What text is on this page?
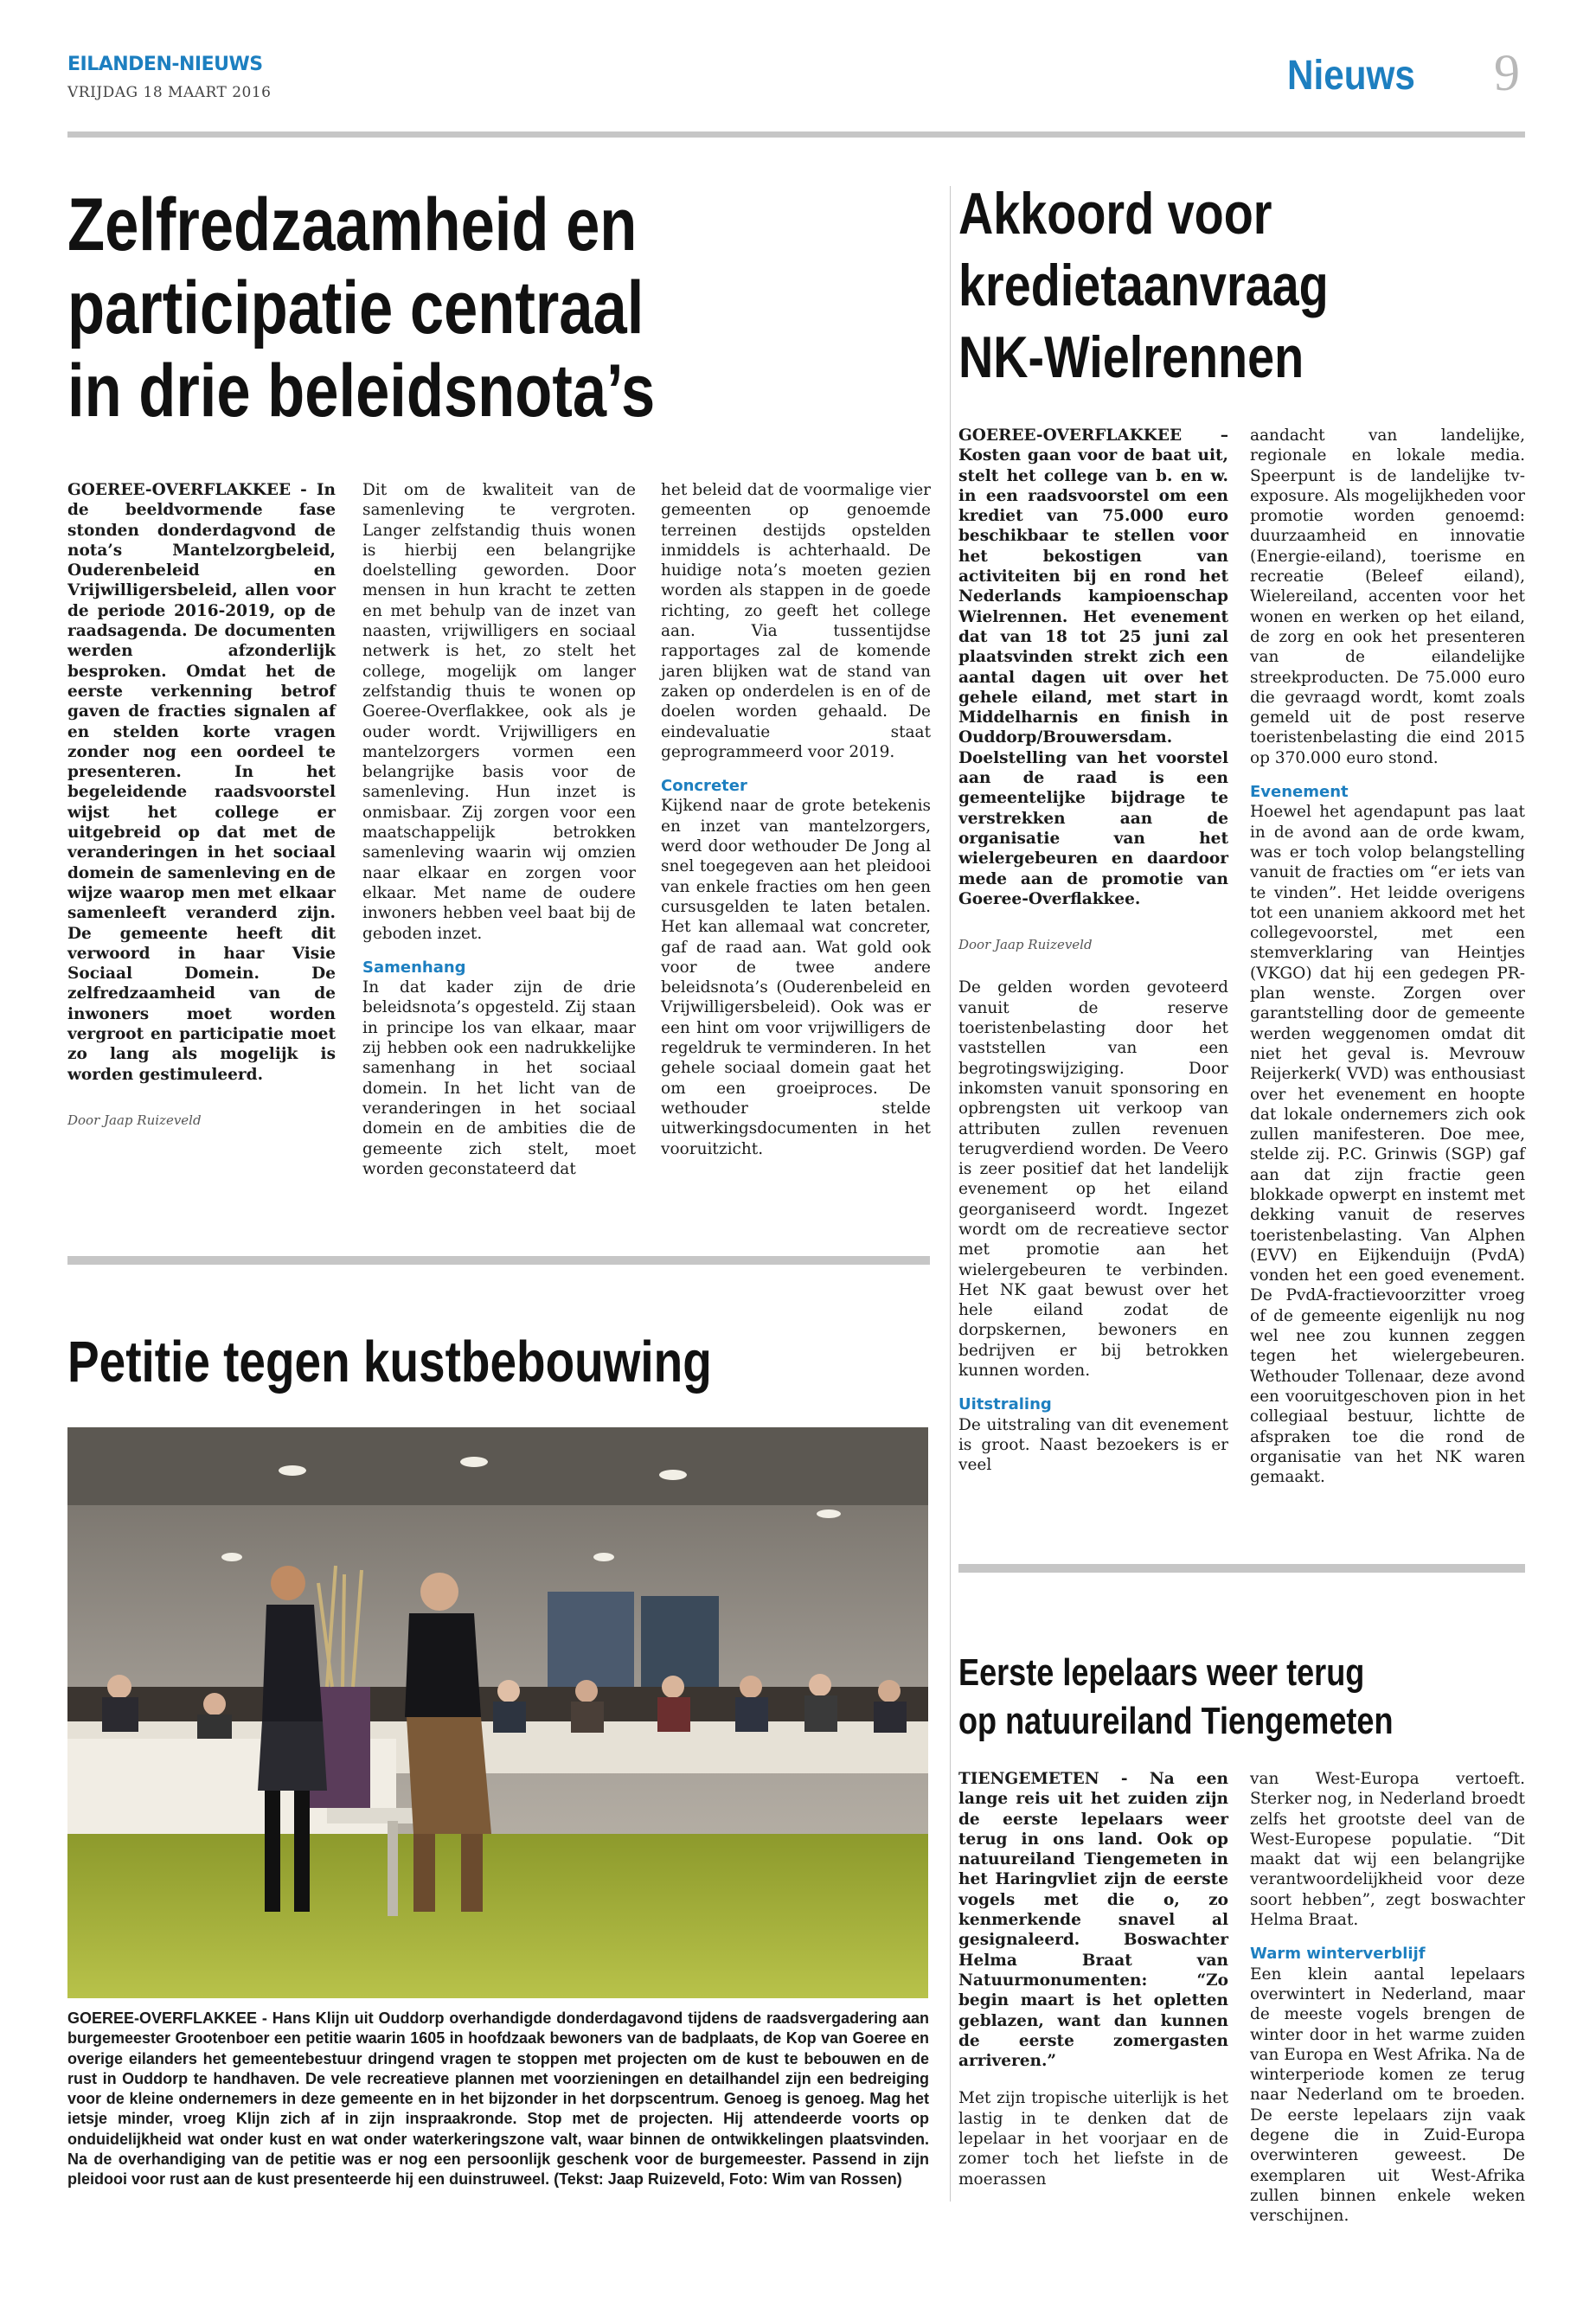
EILANDEN-NIEUWS
VRIJDAG 18 MAART 2016	Nieuws 9
Zelfredzaamheid en
participatie centraal
in drie beleidsnota’s

GOEREE-OVERFLAKKEE - In de beeldvormende fase stonden donderdagvond de nota’s Mantelzorgbeleid, Ouderenbeleid en Vrijwilligersbeleid, allen voor de periode 2016-2019, op de raadsagenda. De documenten werden afzonderlijk besproken. Omdat het de eerste verkenning betrof gaven de fracties signalen af en stelden korte vragen zonder nog een oordeel te presenteren. In het begeleidende raadsvoorstel wijst het college er uitgebreid op dat met de veranderingen in het sociaal domein de samenleving en de wijze waarop men met elkaar samenleeft veranderd zijn. De gemeente heeft dit verwoord in haar Visie Sociaal Domein. De zelfredzaamheid van de inwoners moet worden vergroot en participatie moet zo lang als mogelijk is worden gestimuleerd.

Door Jaap Ruizeveld

Dit om de kwaliteit van de samenleving te vergroten. Langer zelfstandig thuis wonen is hierbij een belangrijke doelstelling geworden. Door mensen in hun kracht te zetten en met behulp van de inzet van naasten, vrijwilligers en sociaal netwerk is het, zo stelt het college, mogelijk om langer zelfstandig thuis te wonen op Goeree-Overflakkee, ook als je ouder wordt. Vrijwilligers en mantelzorgers vormen een belangrijke basis voor de samenleving. Hun inzet is onmisbaar. Zij zorgen voor een maatschappelijk betrokken samenleving waarin wij omzien naar elkaar en zorgen voor elkaar. Met name de oudere inwoners hebben veel baat bij de geboden inzet.

Samenhang

In dat kader zijn de drie beleidsnota’s opgesteld. Zij staan in principe los van elkaar, maar zij hebben ook een nadrukkelijke samenhang in het sociaal domein. In het licht van de veranderingen in het sociaal domein en de ambities die de gemeente zich stelt, moet worden geconstateerd dat

het beleid dat de voormalige vier gemeenten op genoemde terreinen destijds opstelden inmiddels is achterhaald. De huidige nota’s moeten gezien worden als stappen in de goede richting, zo geeft het college aan. Via tussentijdse rapportages zal de komende jaren blijken wat de stand van zaken op onderdelen is en of de doelen worden gehaald. De eindevaluatie staat geprogrammeerd voor 2019.

Concreter

Kijkend naar de grote betekenis en inzet van mantelzorgers, werd door wethouder De Jong al snel toegegeven aan het pleidooi van enkele fracties om hen geen cursusgelden te laten betalen. Het kan allemaal wat concreter, gaf de raad aan. Wat gold ook voor de twee andere beleidsnota’s (Ouderenbeleid en Vrijwilligersbeleid). Ook was er een hint om voor vrijwilligers de regeldruk te verminderen. In het gehele sociaal domein gaat het om een groeiproces. De wethouder stelde uitwerkingsdocumenten in het vooruitzicht.

Petitie tegen kustbebouwing
GOEREE-OVERFLAKKEE - Hans Klijn uit Ouddorp overhandigde donderdagavond tijdens de raadsvergadering aan burgemeester Grootenboer een petitie waarin 1605 in hoofdzaak bewoners van de badplaats, de Kop van Goeree en overige eilanders het gemeentebestuur dringend vragen te stoppen met projecten om de kust te bebouwen en de rust in Ouddorp te handhaven. De vele recreatieve plannen met voorzieningen en detailhandel zijn een bedreiging voor de kleine ondernemers in deze gemeente en in het bijzonder in het dorpscentrum. Genoeg is genoeg. Mag het ietsje minder, vroeg Klijn zich af in zijn inspraakronde. Stop met de projecten. Hij attendeerde voorts op onduidelijkheid wat onder kust en wat onder waterkeringszone valt, waar binnen de ontwikkelingen plaatsvinden. Na de overhandiging van de petitie was er nog een persoonlijk geschenk voor de burgemeester. Passend in zijn pleidooi voor rust aan de kust presenteerde hij een duinstruweel. (Tekst: Jaap Ruizeveld, Foto: Wim van Rossen)
Akkoord voor
kredietaanvraag
NK-Wielrennen

GOEREE-OVERFLAKKEE – Kosten gaan voor de baat uit, stelt het college van b. en w. in een raadsvoorstel om een krediet van 75.000 euro beschikbaar te stellen voor het bekostigen van activiteiten bij en rond het Nederlands kampioenschap Wielrennen. Het evenement dat van 18 tot 25 juni zal plaatsvinden strekt zich een aantal dagen uit over het gehele eiland, met start in Middelharnis en finish in Ouddorp/Brouwersdam. Doelstelling van het voorstel aan de raad is een gemeentelijke bijdrage te verstrekken aan de organisatie van het wielergebeuren en daardoor mede aan de promotie van Goeree-Overflakkee.

Door Jaap Ruizeveld

De gelden worden gevoteerd vanuit de reserve toeristenbelasting door het vaststellen van een begrotingswijziging. Door inkomsten vanuit sponsoring en opbrengsten uit verkoop van attributen zullen revenuen terugverdiend worden. De Veero is zeer positief dat het landelijk evenement op het eiland georganiseerd wordt. Ingezet wordt om de recreatieve sector met promotie aan het wielergebeuren te verbinden. Het NK gaat bewust over het hele eiland zodat de dorpskernen, bewoners en bedrijven er bij betrokken kunnen worden.

Uitstraling

De uitstraling van dit evenement is groot. Naast bezoekers is er veel

aandacht van landelijke, regionale en lokale media. Speerpunt is de landelijke tv-exposure. Als mogelijkheden voor promotie worden genoemd: duurzaamheid en innovatie (Energie-eiland), toerisme en recreatie (Beleef eiland), Wielereiland, accenten voor het wonen en werken op het eiland, de zorg en ook het presenteren van de eilandelijke streekproducten. De 75.000 euro die gevraagd wordt, komt zoals gemeld uit de post reserve toeristenbelasting die eind 2015 op 370.000 euro stond.

Evenement

Hoewel het agendapunt pas laat in de avond aan de orde kwam, was er toch volop belangstelling vanuit de fracties om “er iets van te vinden”. Het leidde overigens tot een unaniem akkoord met het collegevoorstel, met een stemverklaring van Heintjes (VKGO) dat hij een gedegen PR-plan wenste. Zorgen over garantstelling door de gemeente werden weggenomen omdat dit niet het geval is. Mevrouw Reijerkerk( VVD) was enthousiast over het evenement en hoopte dat lokale ondernemers zich ook zullen manifesteren. Doe mee, stelde zij. P.C. Grinwis (SGP) gaf aan dat zijn fractie geen blokkade opwerpt en instemt met dekking vanuit de reserves toeristenbelasting. Van Alphen (EVV) en Eijkenduijn (PvdA) vonden het een goed evenement. De PvdA-fractievoorzitter vroeg of de gemeente eigenlijk nu nog wel nee zou kunnen zeggen tegen het wielergebeuren. Wethouder Tollenaar, deze avond een vooruitgeschoven pion in het collegiaal bestuur, lichtte de afspraken toe die rond de organisatie van het NK waren gemaakt.

Eerste lepelaars weer terug
op natuureiland Tiengemeten

TIENGEMETEN - Na een lange reis uit het zuiden zijn de eerste lepelaars weer terug in ons land. Ook op natuureiland Tiengemeten in het Haringvliet zijn de eerste vogels met die o, zo kenmerkende snavel al gesignaleerd. Boswachter Helma Braat van Natuurmonumenten: “Zo begin maart is het opletten geblazen, want dan kunnen de eerste zomergasten arriveren.”

Met zijn tropische uiterlijk is het lastig in te denken dat de lepelaar in het voorjaar en de zomer toch het liefste in de moerassen

van West-Europa vertoeft. Sterker nog, in Nederland broedt zelfs het grootste deel van de West-Europese populatie. “Dit maakt dat wij een belangrijke verantwoordelijkheid voor deze soort hebben”, zegt boswachter Helma Braat.

Warm winterverblijf

Een klein aantal lepelaars overwintert in Nederland, maar de meeste vogels brengen de winter door in het warme zuiden van Europa en West Afrika. Na de winterperiode komen ze terug naar Nederland om te broeden. De eerste lepelaars zijn vaak degene die in Zuid-Europa overwinteren geweest. De exemplaren uit West-Afrika zullen binnen enkele weken verschijnen.
